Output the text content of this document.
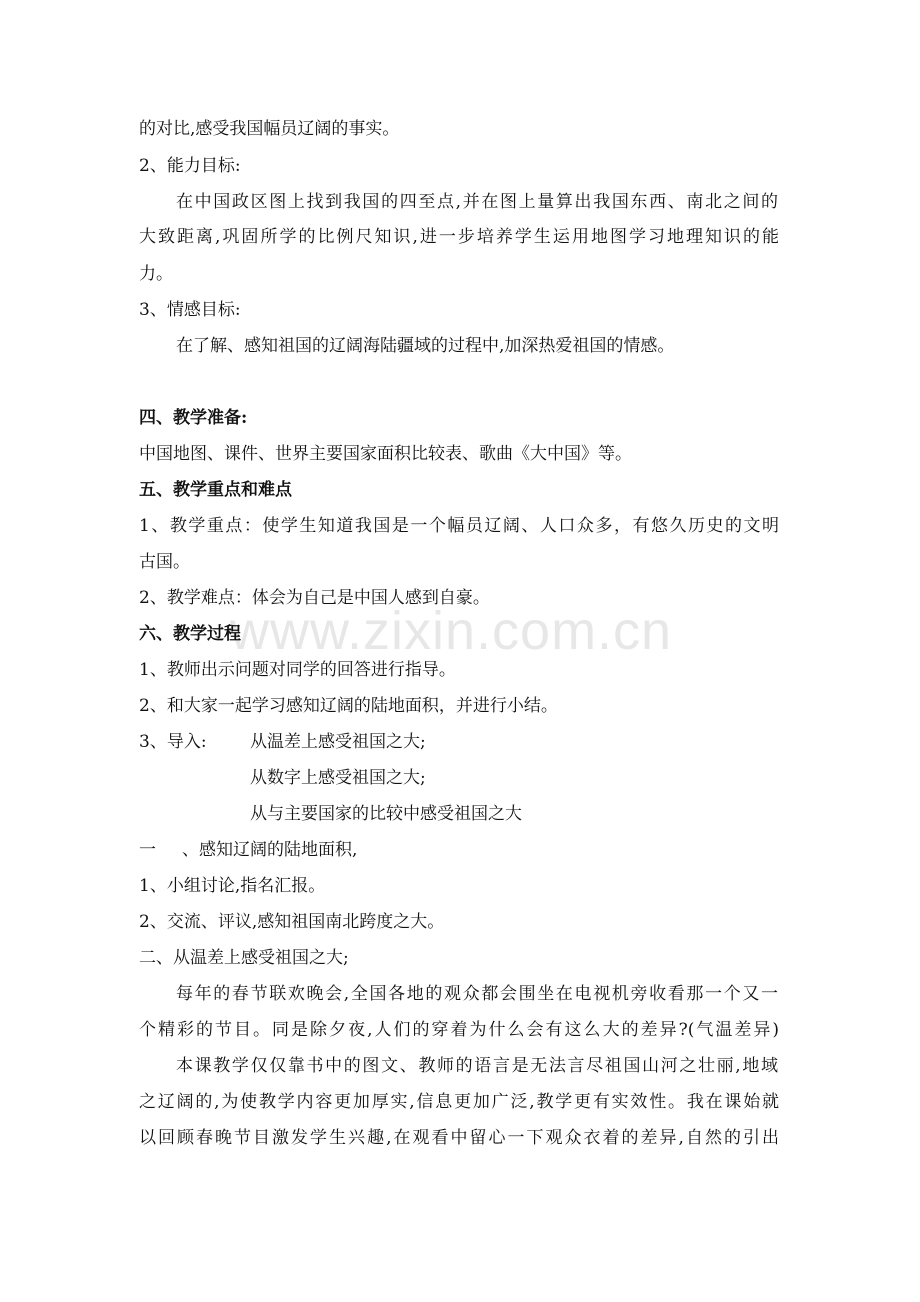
www.zixin.com.cn
的对比,感受我国幅员辽阔的事实。
2、能力目标:
在中国政区图上找到我国的四至点,并在图上量算出我国东西、南北之间的
大致距离,巩固所学的比例尺知识,进一步培养学生运用地图学习地理知识的能
力。
3、情感目标:
在了解、感知祖国的辽阔海陆疆域的过程中,加深热爱祖国的情感。
四、教学准备:
中国地图、课件、世界主要国家面积比较表、歌曲《大中国》等。
五、教学重点和难点
1、教学重点：使学生知道我国是一个幅员辽阔、人口众多，有悠久历史的文明
古国。
2、教学难点：体会为自己是中国人感到自豪。
六、教学过程
1、教师出示问题对同学的回答进行指导。
2、和大家一起学习感知辽阔的陆地面积，并进行小结。
3、导入:	从温差上感受祖国之大;
从数字上感受祖国之大;
从与主要国家的比较中感受祖国之大
一 、感知辽阔的陆地面积,
1、小组讨论,指名汇报。
2、交流、评议,感知祖国南北跨度之大。
二、从温差上感受祖国之大;
每年的春节联欢晚会,全国各地的观众都会围坐在电视机旁收看那一个又一
个精彩的节目。同是除夕夜,人们的穿着为什么会有这么大的差异?(气温差异)
本课教学仅仅靠书中的图文、教师的语言是无法言尽祖国山河之壮丽,地域
之辽阔的,为使教学内容更加厚实,信息更加广泛,教学更有实效性。我在课始就
以回顾春晚节目激发学生兴趣,在观看中留心一下观众衣着的差异,自然的引出
